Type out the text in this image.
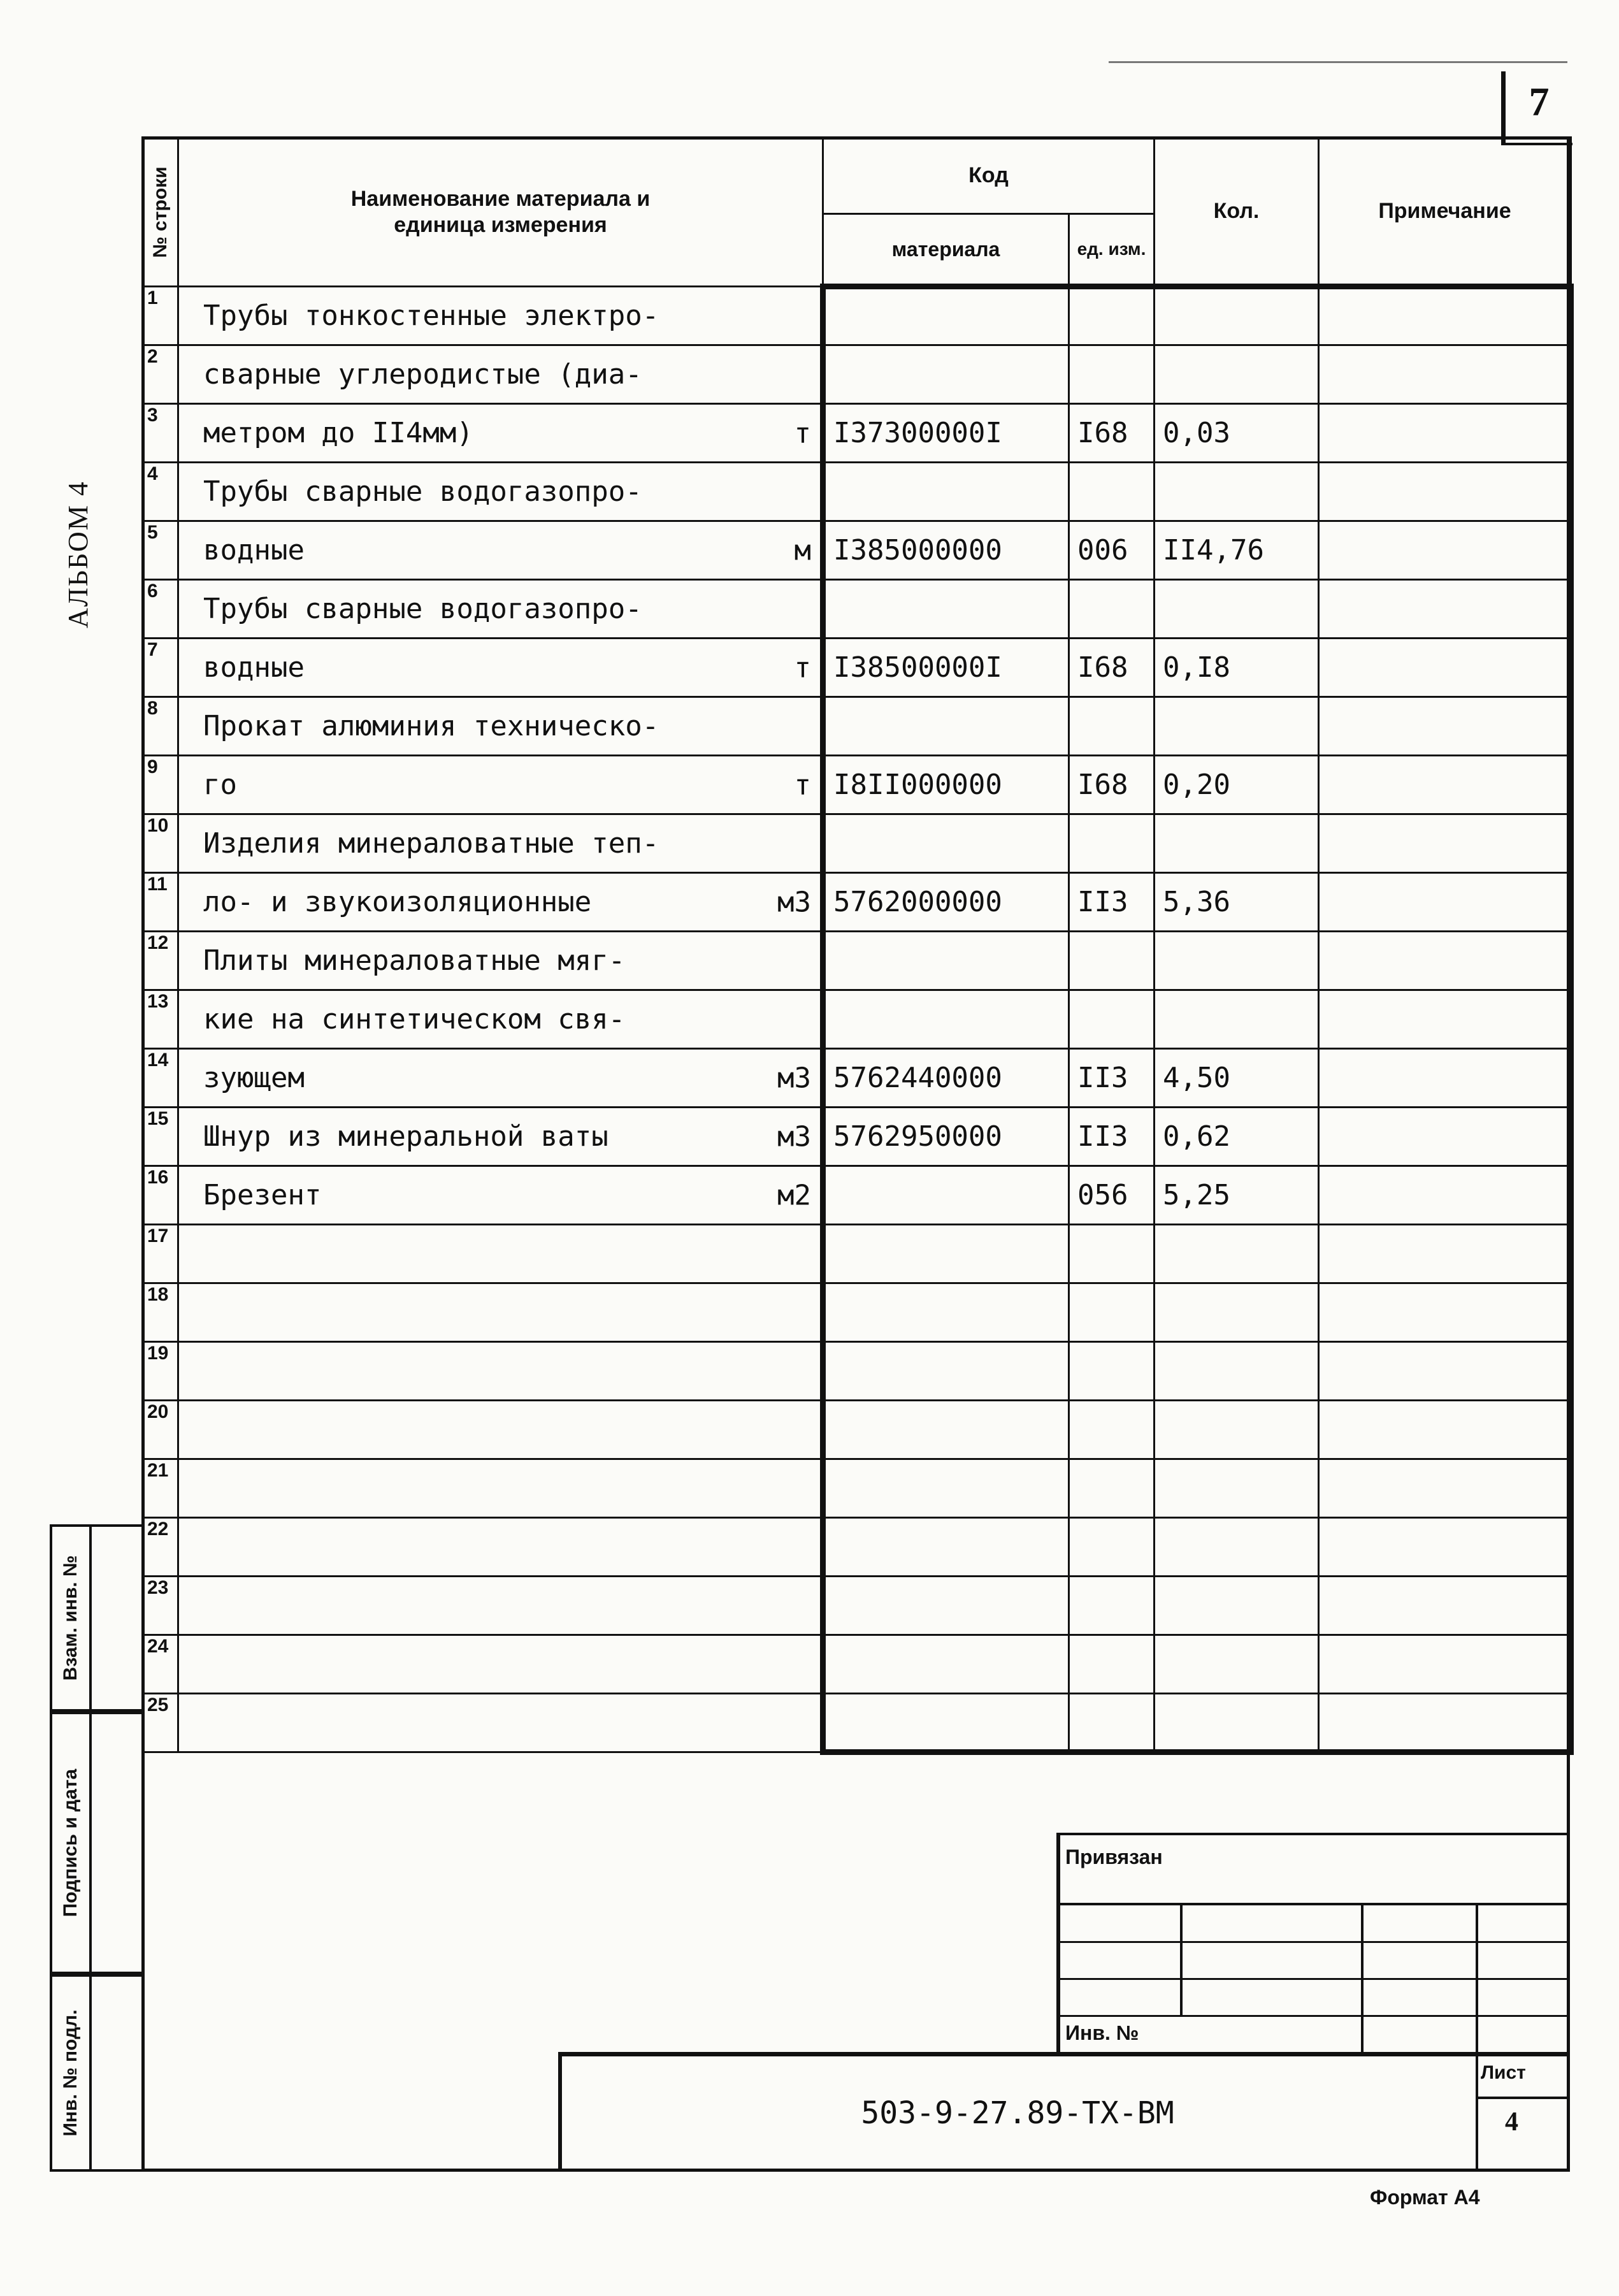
7
АЛЬБОМ 4
№ строки	Наименование материала и
единица измерения	Код		Кол.	Примечание
		материала	ед. изм.		
1	Трубы тонкостенные электро-

2	сварные углеродистые (диа-

3	метром до II4мм) т	I37300000I	I68	0,03	
4	Трубы сварные водогазопро-

5	водные м	I385000000	006	II4,76	
6	Трубы сварные водогазопро-

7	водные т	I38500000I	I68	0,I8	
8	Прокат алюминия техническо-

9	го т	I8II000000	I68	0,20	
10	Изделия минераловатные теп-

11	ло- и звукоизоляционные м3	5762000000	II3	5,36	
12	Плиты минераловатные мяг-

13	кие на синтетическом свя-

14	зующем м3	5762440000	II3	4,50	
15	Шнур из минеральной ваты м3	5762950000	II3	0,62	
16	Брезент м2		056	5,25	
17	

18	

19	

20	

21	

22	

23	

24	

25	

Взам. инв. №
Подпись и дата
Инв. № подл.
Привязан
Инв. №
Лист
4
503-9-27.89-ТХ-ВМ
Формат А4
